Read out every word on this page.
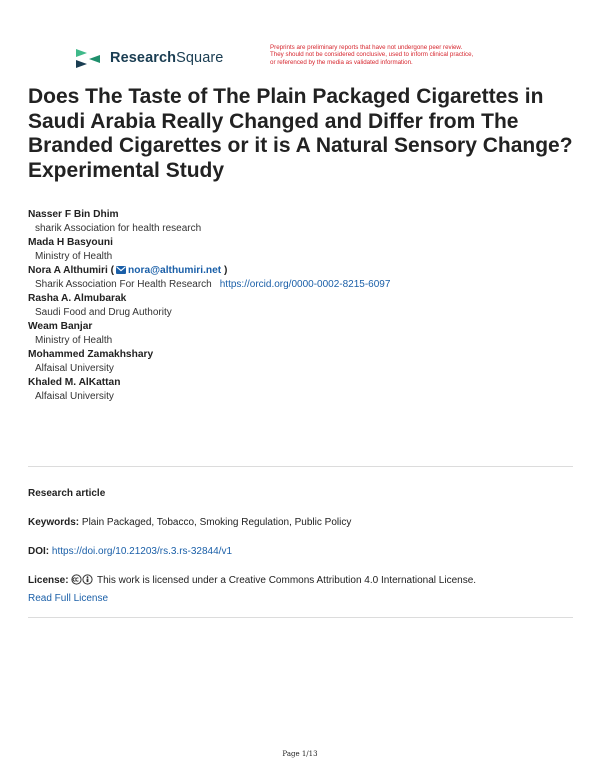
ResearchSquare
Preprints are preliminary reports that have not undergone peer review.
They should not be considered conclusive, used to inform clinical practice,
or referenced by the media as validated information.
Does The Taste of The Plain Packaged Cigarettes in Saudi Arabia Really Changed and Differ from The Branded Cigarettes or it is A Natural Sensory Change? Experimental Study
Nasser F Bin Dhim
sharik Association for health research
Mada H Basyouni
Ministry of Health
Nora A Althumiri ( nora@althumiri.net )
Sharik Association For Health Research https://orcid.org/0000-0002-8215-6097
Rasha A. Almubarak
Saudi Food and Drug Authority
Weam Banjar
Ministry of Health
Mohammed Zamakhshary
Alfaisal University
Khaled M. AlKattan
Alfaisal University
Research article
Keywords: Plain Packaged, Tobacco, Smoking Regulation, Public Policy
DOI: https://doi.org/10.21203/rs.3.rs-32844/v1
License:	This work is licensed under a Creative Commons Attribution 4.0 International License.
Read Full License
Page 1/13
